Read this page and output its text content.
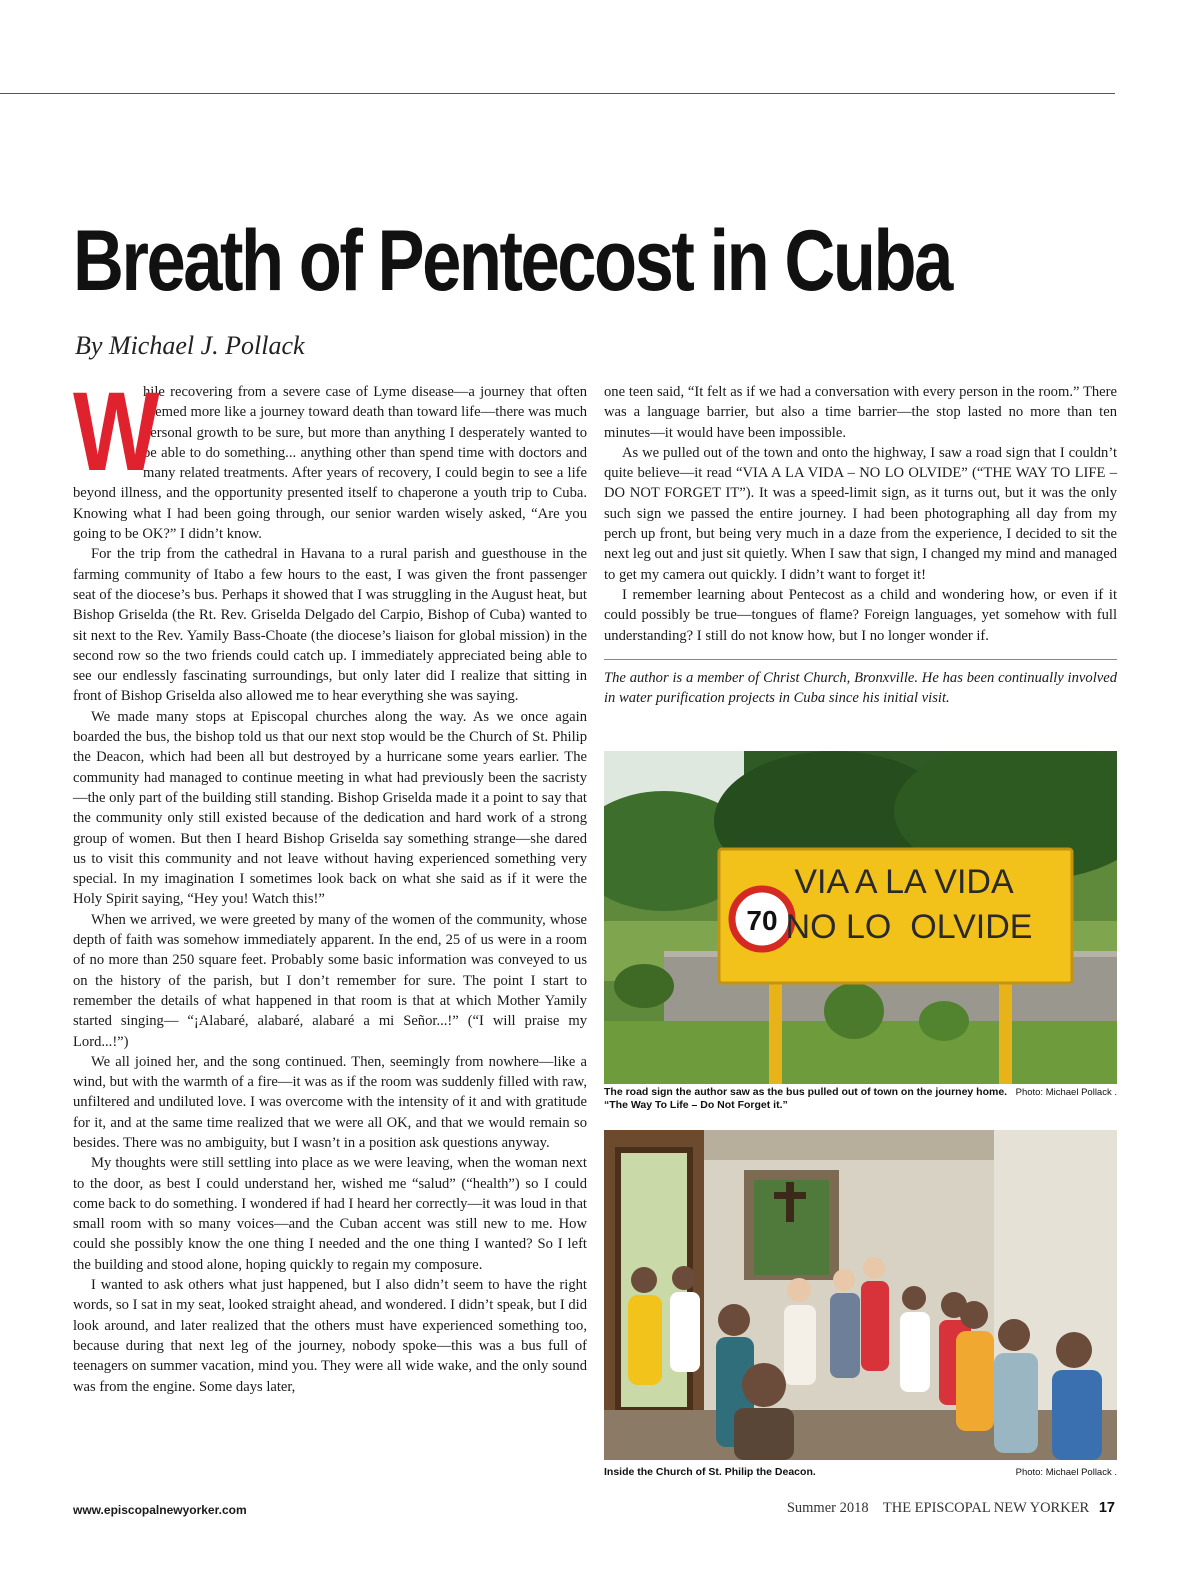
Breath of Pentecost in Cuba
By Michael J. Pollack

W
hile recovering from a severe case of Lyme disease—a journey that often seemed more like a journey toward death than toward life—there was much personal growth to be sure, but more than anything I desperately wanted to be able to do something... anything other than spend time with doctors and many related treatments. After years of recovery, I could begin to see a life beyond illness, and the opportunity presented itself to chaperone a youth trip to Cuba. Knowing what I had been going through, our senior warden wisely asked, “Are you going to be OK?” I didn’t know.

For the trip from the cathedral in Havana to a rural parish and guesthouse in the farming community of Itabo a few hours to the east, I was given the front passenger seat of the diocese’s bus. Perhaps it showed that I was struggling in the August heat, but Bishop Griselda (the Rt. Rev. Griselda Delgado del Carpio, Bishop of Cuba) wanted to sit next to the Rev. Yamily Bass-Choate (the diocese’s liaison for global mission) in the second row so the two friends could catch up. I immediately appreciated being able to see our endlessly fascinating surroundings, but only later did I realize that sitting in front of Bishop Griselda also allowed me to hear everything she was saying.

We made many stops at Episcopal churches along the way. As we once again boarded the bus, the bishop told us that our next stop would be the Church of St. Philip the Deacon, which had been all but destroyed by a hurricane some years earlier. The community had managed to continue meeting in what had previously been the sacristy—the only part of the building still standing. Bishop Griselda made it a point to say that the community only still existed because of the dedication and hard work of a strong group of women. But then I heard Bishop Griselda say something strange—she dared us to visit this community and not leave without having experienced something very special. In my imagination I sometimes look back on what she said as if it were the Holy Spirit saying, “Hey you! Watch this!”

When we arrived, we were greeted by many of the women of the community, whose depth of faith was somehow immediately apparent. In the end, 25 of us were in a room of no more than 250 square feet. Probably some basic information was conveyed to us on the history of the parish, but I don’t remember for sure. The point I start to remember the details of what happened in that room is that at which Mother Yamily started singing— “¡Alabaré, alabaré, alabaré a mi Señor...!” (“I will praise my Lord...!”)

We all joined her, and the song continued. Then, seemingly from nowhere—like a wind, but with the warmth of a fire—it was as if the room was suddenly filled with raw, unfiltered and undiluted love. I was overcome with the intensity of it and with gratitude for it, and at the same time realized that we were all OK, and that we would remain so besides. There was no ambiguity, but I wasn’t in a position ask questions anyway.

My thoughts were still settling into place as we were leaving, when the woman next to the door, as best I could understand her, wished me “salud” (“health”) so I could come back to do something. I wondered if had I heard her correctly—it was loud in that small room with so many voices—and the Cuban accent was still new to me. How could she possibly know the one thing I needed and the one thing I wanted? So I left the building and stood alone, hoping quickly to regain my composure.

I wanted to ask others what just happened, but I also didn’t seem to have the right words, so I sat in my seat, looked straight ahead, and wondered. I didn’t speak, but I did look around, and later realized that the others must have experienced something too, because during that next leg of the journey, nobody spoke—this was a bus full of teenagers on summer vacation, mind you. They were all wide wake, and the only sound was from the engine. Some days later,

one teen said, “It felt as if we had a conversation with every person in the room.” There was a language barrier, but also a time barrier—the stop lasted no more than ten minutes—it would have been impossible.

As we pulled out of the town and onto the highway, I saw a road sign that I couldn’t quite believe—it read “VIA A LA VIDA – NO LO OLVIDE” (“THE WAY TO LIFE – DO NOT FORGET IT”). It was a speed-limit sign, as it turns out, but it was the only such sign we passed the entire journey. I had been photographing all day from my perch up front, but being very much in a daze from the experience, I decided to sit the next leg out and just sit quietly. When I saw that sign, I changed my mind and managed to get my camera out quickly. I didn’t want to forget it!

I remember learning about Pentecost as a child and wondering how, or even if it could possibly be true—tongues of flame? Foreign languages, yet somehow with full understanding? I still do not know how, but I no longer wonder if.

The author is a member of Christ Church, Bronxville. He has been continually involved in water purification projects in Cuba since his initial visit.

70
VIA A LA VIDA
NO LO  OLVIDE
Photo: Michael Pollack .
The road sign the author saw as the bus pulled out of town on the journey home. “The Way To Life – Do Not Forget it.”
Photo: Michael Pollack .
Inside the Church of St. Philip the Deacon.
www.episcopalnewyorker.com	Summer 2018 THE EPISCOPAL NEW YORKER 17
